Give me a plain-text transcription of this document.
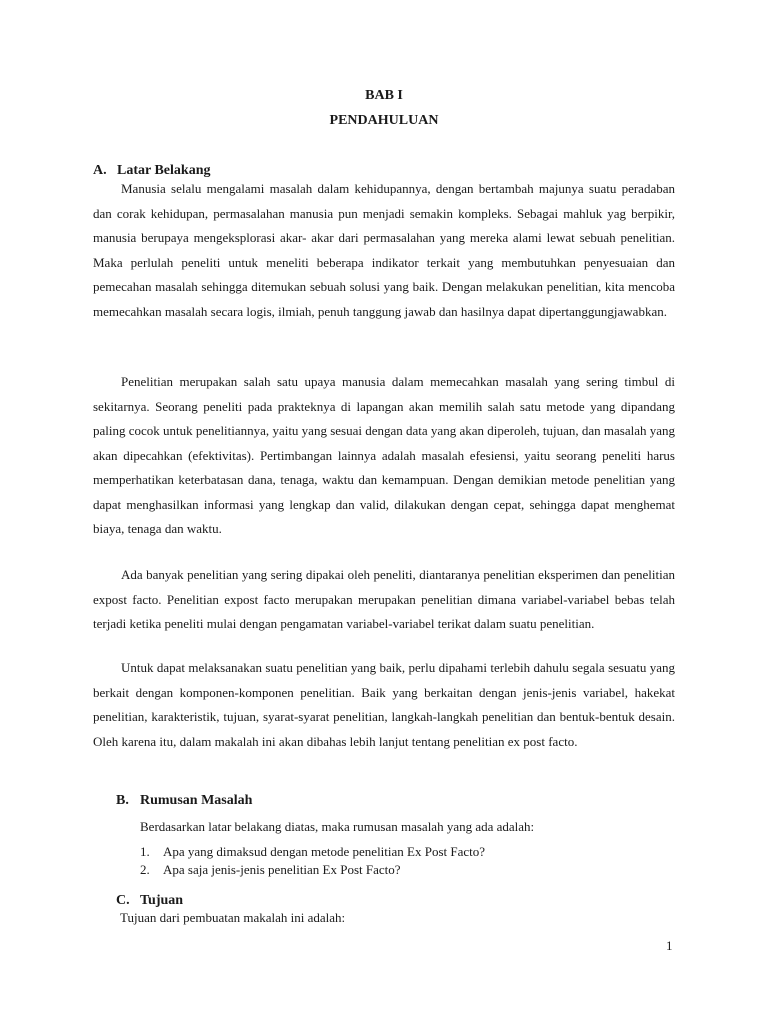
BAB I
PENDAHULUAN
A. Latar Belakang

Manusia selalu mengalami masalah dalam kehidupannya, dengan bertambah majunya suatu peradaban dan corak kehidupan, permasalahan manusia pun menjadi semakin kompleks. Sebagai mahluk yag berpikir, manusia berupaya mengeksplorasi akar- akar dari permasalahan yang mereka alami lewat sebuah penelitian. Maka perlulah peneliti untuk meneliti beberapa indikator terkait yang membutuhkan penyesuaian dan pemecahan masalah sehingga ditemukan sebuah solusi yang baik. Dengan melakukan penelitian, kita mencoba memecahkan masalah secara logis, ilmiah, penuh tanggung jawab dan hasilnya dapat dipertanggungjawabkan.

Penelitian merupakan salah satu upaya manusia dalam memecahkan masalah yang sering timbul di sekitarnya. Seorang peneliti pada prakteknya di lapangan akan memilih salah satu metode yang dipandang paling cocok untuk penelitiannya, yaitu yang sesuai dengan data yang akan diperoleh, tujuan, dan masalah yang akan dipecahkan (efektivitas). Pertimbangan lainnya adalah masalah efesiensi, yaitu seorang peneliti harus memperhatikan keterbatasan dana, tenaga, waktu dan kemampuan. Dengan demikian metode penelitian yang dapat menghasilkan informasi yang lengkap dan valid, dilakukan dengan cepat, sehingga dapat menghemat biaya, tenaga dan waktu.

Ada banyak penelitian yang sering dipakai oleh peneliti, diantaranya penelitian eksperimen dan penelitian expost facto. Penelitian expost facto merupakan merupakan penelitian dimana variabel-variabel bebas telah terjadi ketika peneliti mulai dengan pengamatan variabel-variabel terikat dalam suatu penelitian.

Untuk dapat melaksanakan suatu penelitian yang baik, perlu dipahami terlebih dahulu segala sesuatu yang berkait dengan komponen-komponen penelitian. Baik yang berkaitan dengan jenis-jenis variabel, hakekat penelitian, karakteristik, tujuan, syarat-syarat penelitian, langkah-langkah penelitian dan bentuk-bentuk desain. Oleh karena itu, dalam makalah ini akan dibahas lebih lanjut tentang penelitian ex post facto.

B. Rumusan Masalah

Berdasarkan latar belakang diatas, maka rumusan masalah yang ada adalah:

1. Apa yang dimaksud dengan metode penelitian Ex Post Facto?
2. Apa saja jenis-jenis penelitian Ex Post Facto?
C. Tujuan

Tujuan dari pembuatan makalah ini adalah:

1
